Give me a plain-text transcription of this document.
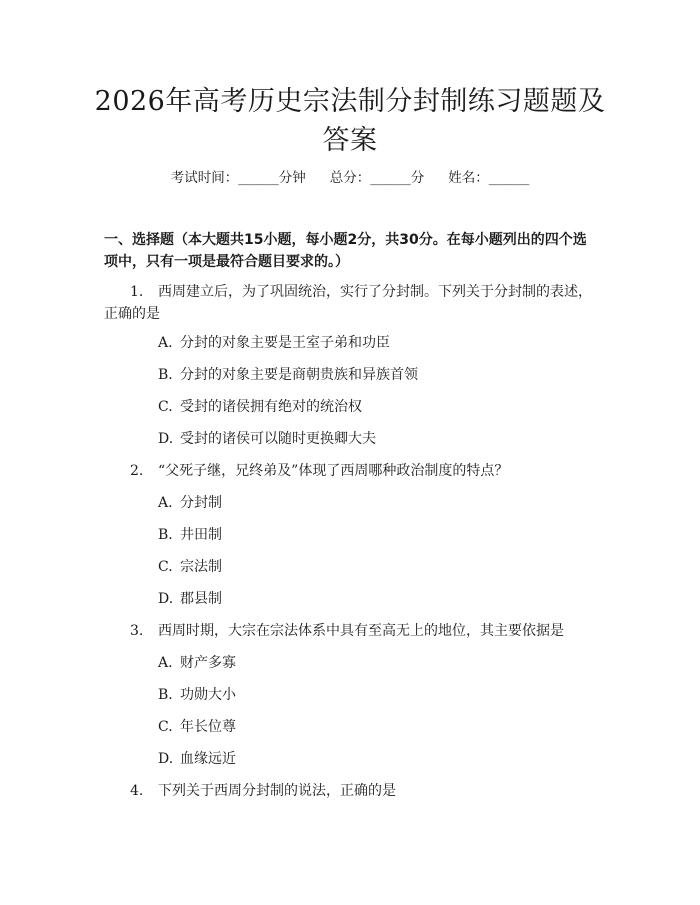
2026年高考历史宗法制分封制练习题题及答案
考试时间：______分钟 总分：______分 姓名：______
一、选择题（本大题共15小题，每小题2分，共30分。在每小题列出的四个选项中，只有一项是最符合题目要求的。）
1. 西周建立后，为了巩固统治，实行了分封制。下列关于分封制的表述，正确的是
A. 分封的对象主要是王室子弟和功臣
B. 分封的对象主要是商朝贵族和异族首领
C. 受封的诸侯拥有绝对的统治权
D. 受封的诸侯可以随时更换卿大夫
2. “父死子继，兄终弟及”体现了西周哪种政治制度的特点？
A. 分封制
B. 井田制
C. 宗法制
D. 郡县制
3. 西周时期，大宗在宗法体系中具有至高无上的地位，其主要依据是
A. 财产多寡
B. 功勋大小
C. 年长位尊
D. 血缘远近
4. 下列关于西周分封制的说法，正确的是
